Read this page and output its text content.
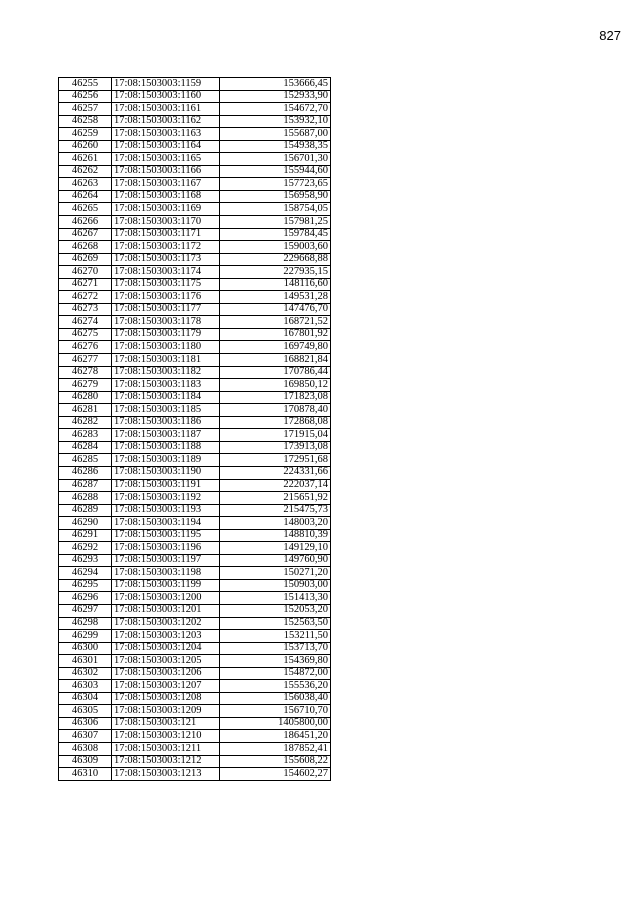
827
46255	17:08:1503003:1159	153666,45
46256	17:08:1503003:1160	152933,90
46257	17:08:1503003:1161	154672,70
46258	17:08:1503003:1162	153932,10
46259	17:08:1503003:1163	155687,00
46260	17:08:1503003:1164	154938,35
46261	17:08:1503003:1165	156701,30
46262	17:08:1503003:1166	155944,60
46263	17:08:1503003:1167	157723,65
46264	17:08:1503003:1168	156958,90
46265	17:08:1503003:1169	158754,05
46266	17:08:1503003:1170	157981,25
46267	17:08:1503003:1171	159784,45
46268	17:08:1503003:1172	159003,60
46269	17:08:1503003:1173	229668,88
46270	17:08:1503003:1174	227935,15
46271	17:08:1503003:1175	148116,60
46272	17:08:1503003:1176	149531,28
46273	17:08:1503003:1177	147476,70
46274	17:08:1503003:1178	168721,52
46275	17:08:1503003:1179	167801,92
46276	17:08:1503003:1180	169749,80
46277	17:08:1503003:1181	168821,84
46278	17:08:1503003:1182	170786,44
46279	17:08:1503003:1183	169850,12
46280	17:08:1503003:1184	171823,08
46281	17:08:1503003:1185	170878,40
46282	17:08:1503003:1186	172868,08
46283	17:08:1503003:1187	171915,04
46284	17:08:1503003:1188	173913,08
46285	17:08:1503003:1189	172951,68
46286	17:08:1503003:1190	224331,66
46287	17:08:1503003:1191	222037,14
46288	17:08:1503003:1192	215651,92
46289	17:08:1503003:1193	215475,73
46290	17:08:1503003:1194	148003,20
46291	17:08:1503003:1195	148810,39
46292	17:08:1503003:1196	149129,10
46293	17:08:1503003:1197	149760,90
46294	17:08:1503003:1198	150271,20
46295	17:08:1503003:1199	150903,00
46296	17:08:1503003:1200	151413,30
46297	17:08:1503003:1201	152053,20
46298	17:08:1503003:1202	152563,50
46299	17:08:1503003:1203	153211,50
46300	17:08:1503003:1204	153713,70
46301	17:08:1503003:1205	154369,80
46302	17:08:1503003:1206	154872,00
46303	17:08:1503003:1207	155536,20
46304	17:08:1503003:1208	156038,40
46305	17:08:1503003:1209	156710,70
46306	17:08:1503003:121	1405800,00
46307	17:08:1503003:1210	186451,20
46308	17:08:1503003:1211	187852,41
46309	17:08:1503003:1212	155608,22
46310	17:08:1503003:1213	154602,27
